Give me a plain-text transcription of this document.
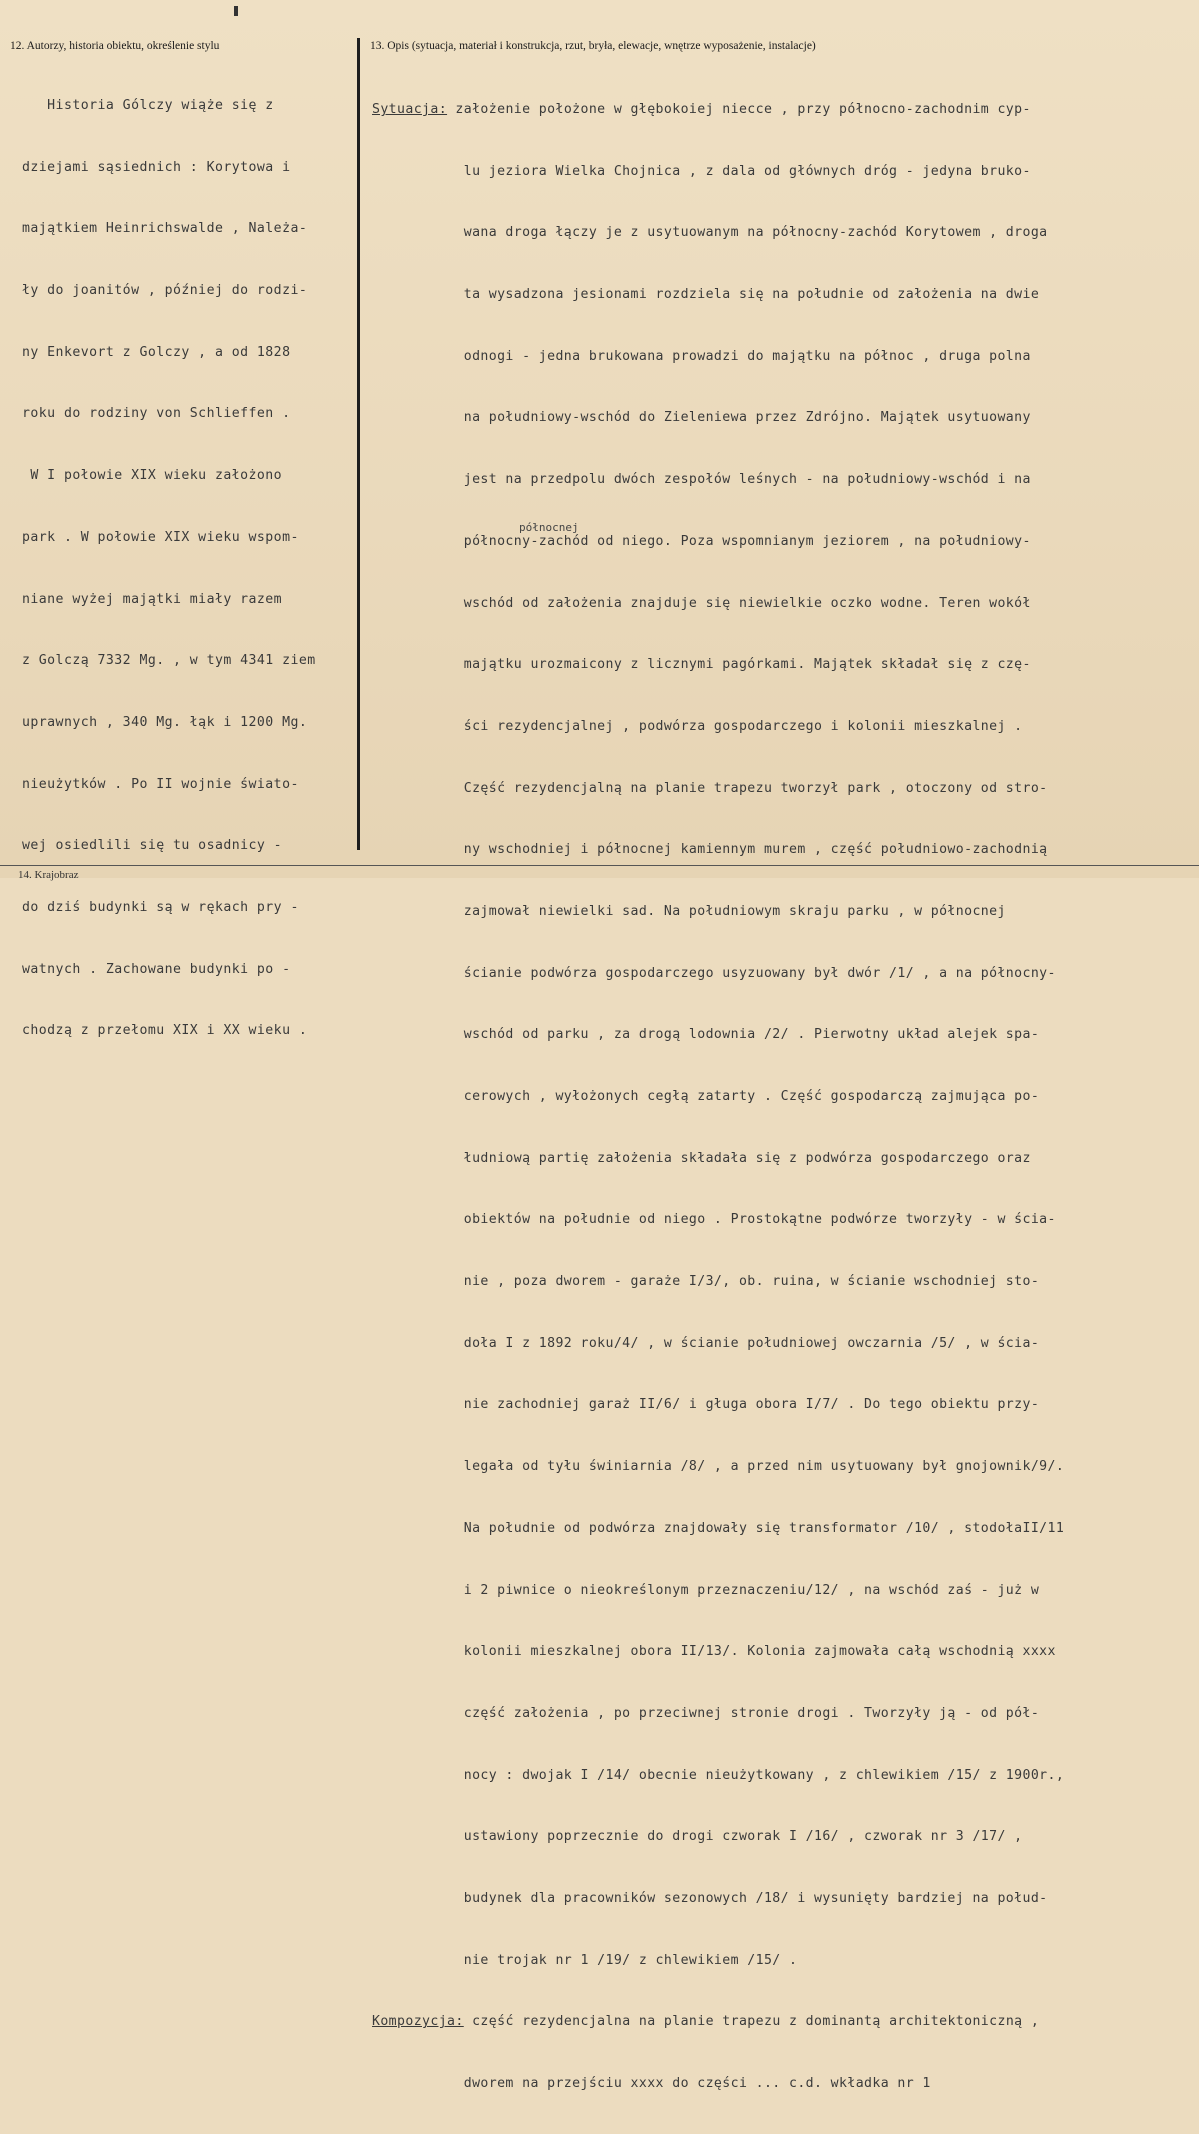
12. Autorzy, historia obiektu, określenie stylu	13. Opis (sytuacja, materiał i konstrukcja, rzut, bryła, elewacje, wnętrze wyposażenie, instalacje)

Historia Gólczy wiąże się z

dziejami sąsiednich : Korytowa i

majątkiem Heinrichswalde , Należa-

ły do joanitów , później do rodzi-

ny Enkevort z Golczy , a od 1828

roku do rodziny von Schlieffen .

W I połowie XIX wieku założono

park . W połowie XIX wieku wspom-

niane wyżej majątki miały razem

z Golczą 7332 Mg. , w tym 4341 ziem

uprawnych , 340 Mg. łąk i 1200 Mg.

nieużytków . Po II wojnie świato-

wej osiedlili się tu osadnicy -

do dziś budynki są w rękach pry -

watnych . Zachowane budynki po -

chodzą z przełomu XIX i XX wieku .

Sytuacja: założenie położone w głębokoiej niecce , przy północno-zachodnim cyp-

lu jeziora Wielka Chojnica , z dala od głównych dróg - jedyna bruko-

wana droga łączy je z usytuowanym na północny-zachód Korytowem , droga

ta wysadzona jesionami rozdziela się na południe od założenia na dwie

odnogi - jedna brukowana prowadzi do majątku na północ , druga polna

na południowy-wschód do Zieleniewa przez Zdrójno. Majątek usytuowany

jest na przedpolu dwóch zespołów leśnych - na południowy-wschód i na

północny-zachód od niego. Poza wspomnianym jeziorem , na południowy-

wschód od założenia znajduje się niewielkie oczko wodne. Teren wokół

majątku urozmaicony z licznymi pagórkami. Majątek składał się z czę-

ści rezydencjalnej , podwórza gospodarczego i kolonii mieszkalnej .

Część rezydencjalną na planie trapezu tworzył park , otoczony od stro-

ny wschodniej i północnej kamiennym murem , część południowo-zachodnią

zajmował niewielki sad. Na południowym skraju parku , w północnej

ścianie podwórza gospodarczego usyzuowany był dwór /1/ , a na północny-

wschód od parku , za drogą lodownia /2/ . Pierwotny układ alejek spa-

cerowych , wyłożonych cegłą zatarty . Część gospodarczą zajmująca po-

łudniową partię założenia składała się z podwórza gospodarczego oraz

obiektów na południe od niego . Prostokątne podwórze tworzyły - w ścia-

nie , poza dworem - garaże I/3/, ob. ruina, w ścianie wschodniej sto-

doła I z 1892 roku/4/ , w ścianie południowej owczarnia /5/ , w ścia-

nie zachodniej garaż II/6/ i gługa obora I/7/ . Do tego obiektu przy-

legała od tyłu świniarnia /8/ , a przed nim usytuowany był gnojownik/9/.

Na południe od podwórza znajdowały się transformator /10/ , stodołaII/11

i 2 piwnice o nieokreślonym przeznaczeniu/12/ , na wschód zaś - już w

kolonii mieszkalnej obora II/13/. Kolonia zajmowała całą wschodnią xxxx

część założenia , po przeciwnej stronie drogi . Tworzyły ją - od pół-

nocy : dwojak I /14/ obecnie nieużytkowany , z chlewikiem /15/ z 1900r.,

ustawiony poprzecznie do drogi czworak I /16/ , czworak nr 3 /17/ ,

budynek dla pracowników sezonowych /18/ i wysunięty bardziej na połud-

nie trojak nr 1 /19/ z chlewikiem /15/ .

Kompozycja: część rezydencjalna na planie trapezu z dominantą architektoniczną ,

dworem na przejściu xxxx do części ... c.d. wkładka nr 1

północnej
14. Krajobraz
